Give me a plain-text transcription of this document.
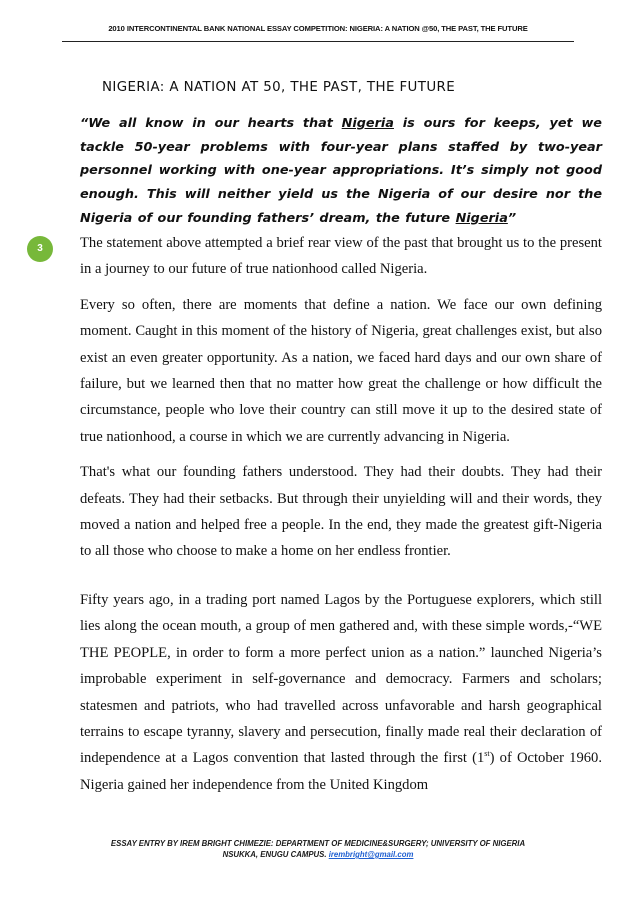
2010 INTERCONTINENTAL BANK NATIONAL ESSAY COMPETITION: NIGERIA: A NATION @50, THE PAST, THE FUTURE
NIGERIA: A NATION AT 50, THE PAST, THE FUTURE
“We all know in our hearts that Nigeria is ours for keeps, yet we tackle 50-year problems with four-year plans staffed by two-year personnel working with one-year appropriations. It’s simply not good enough. This will neither yield us the Nigeria of our desire nor the Nigeria of our founding fathers’ dream, the future Nigeria”
3	The statement above attempted a brief rear view of the past that brought us to the present in a journey to our future of true nationhood called Nigeria.

Every so often, there are moments that define a nation. We face our own defining moment. Caught in this moment of the history of Nigeria, great challenges exist, but also exist an even greater opportunity. As a nation, we faced hard days and our own share of failure, but we learned then that no matter how great the challenge or how difficult the circumstance, people who love their country can still move it up to the desired state of true nationhood, a course in which we are currently advancing in Nigeria.

That's what our founding fathers understood. They had their doubts. They had their defeats. They had their setbacks. But through their unyielding will and their words, they moved a nation and helped free a people. In the end, they made the greatest gift-Nigeria to all those who choose to make a home on her endless frontier.

Fifty years ago, in a trading port named Lagos by the Portuguese explorers, which still lies along the ocean mouth, a group of men gathered and, with these simple words,-“WE THE PEOPLE, in order to form a more perfect union as a nation.” launched Nigeria’s improbable experiment in self-governance and democracy. Farmers and scholars; statesmen and patriots, who had travelled across unfavorable and harsh geographical terrains to escape tyranny, slavery and persecution, finally made real their declaration of independence at a Lagos convention that lasted through the first (1st) of October 1960. Nigeria gained her independence from the United Kingdom

ESSAY ENTRY BY IREM BRIGHT CHIMEZIE: DEPARTMENT OF MEDICINE&SURGERY; UNIVERSITY OF NIGERIA
NSUKKA, ENUGU CAMPUS. irembright@gmail.com
